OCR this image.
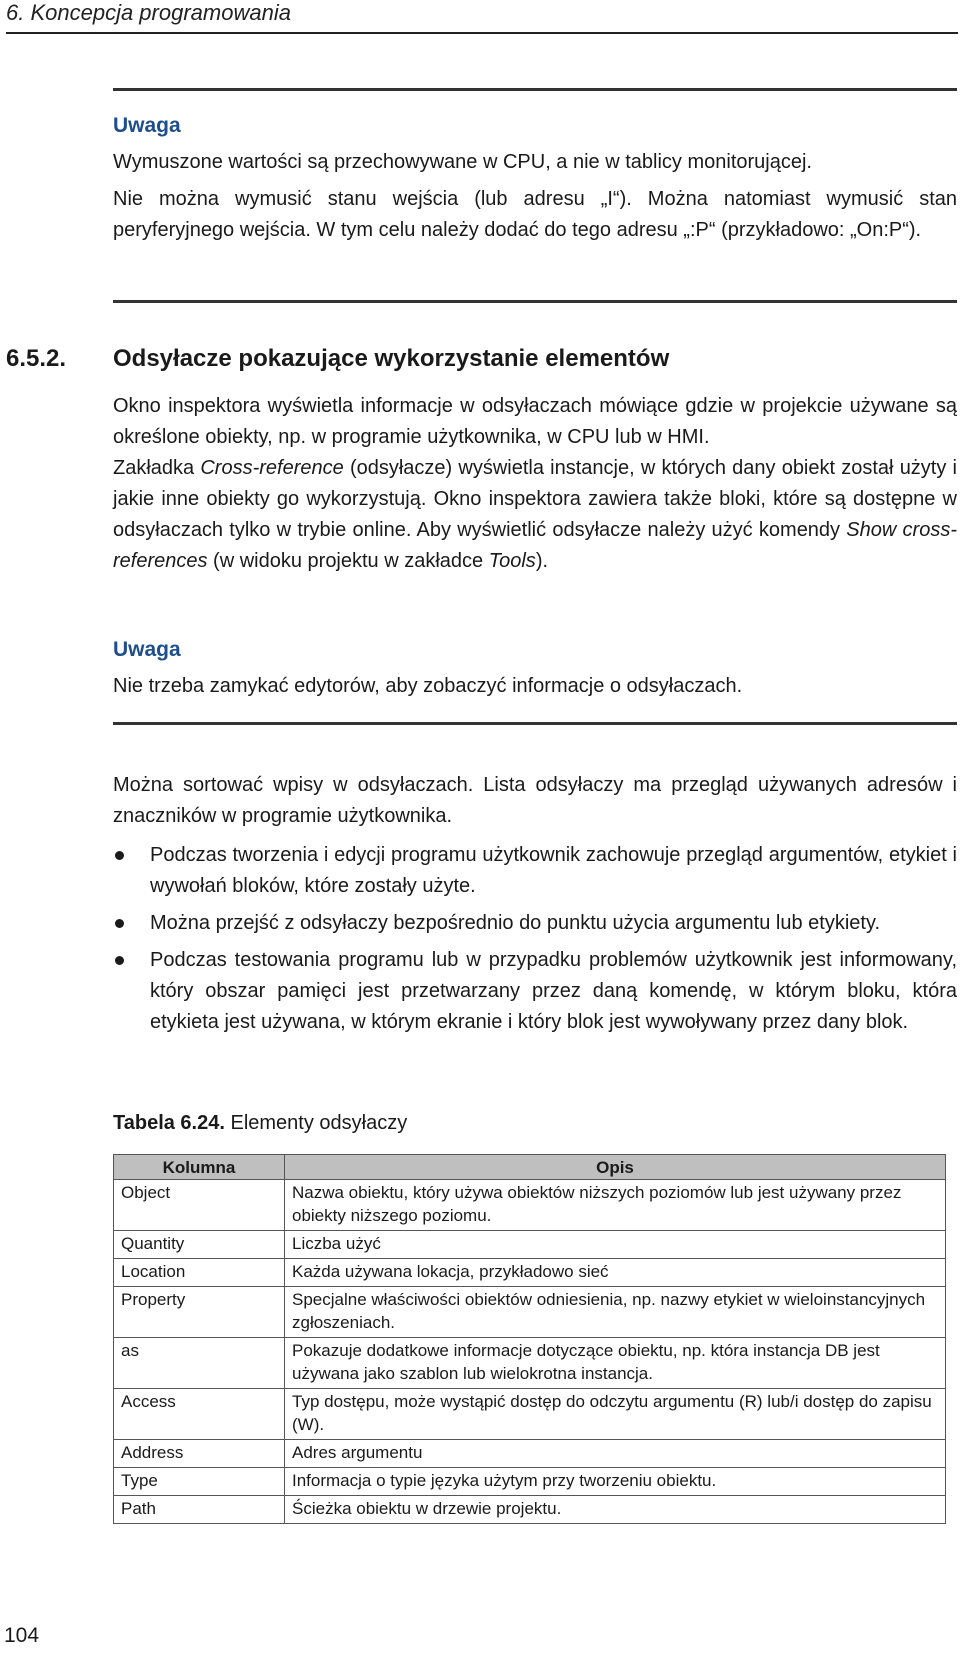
6. Koncepcja programowania
Uwaga
Wymuszone wartości są przechowywane w CPU, a nie w tablicy monitorującej.
Nie można wymusić stanu wejścia (lub adresu „I“). Można natomiast wymusić stan peryferyjnego wejścia. W tym celu należy dodać do tego adresu „:P“ (przykładowo: „On:P“).
6.5.2. Odsyłacze pokazujące wykorzystanie elementów
Okno inspektora wyświetla informacje w odsyłaczach mówiące gdzie w projekcie używane są określone obiekty, np. w programie użytkownika, w CPU lub w HMI.
Zakładka Cross-reference (odsyłacze) wyświetla instancje, w których dany obiekt został użyty i jakie inne obiekty go wykorzystują. Okno inspektora zawiera także bloki, które są dostępne w odsyłaczach tylko w trybie online. Aby wyświetlić odsyłacze należy użyć komendy Show cross-references (w widoku projektu w zakładce Tools).
Uwaga
Nie trzeba zamykać edytorów, aby zobaczyć informacje o odsyłaczach.
Można sortować wpisy w odsyłaczach. Lista odsyłaczy ma przegląd używanych adresów i znaczników w programie użytkownika.
Podczas tworzenia i edycji programu użytkownik zachowuje przegląd argumentów, etykiet i wywołań bloków, które zostały użyte.
Można przejść z odsyłaczy bezpośrednio do punktu użycia argumentu lub etykiety.
Podczas testowania programu lub w przypadku problemów użytkownik jest informowany, który obszar pamięci jest przetwarzany przez daną komendę, w którym bloku, która etykieta jest używana, w którym ekranie i który blok jest wywoływany przez dany blok.
Tabela 6.24. Elementy odsyłaczy
Kolumna	Opis
Object	Nazwa obiektu, który używa obiektów niższych poziomów lub jest używany przez obiekty niższego poziomu.
Quantity	Liczba użyć
Location	Każda używana lokacja, przykładowo sieć
Property	Specjalne właściwości obiektów odniesienia, np. nazwy etykiet w wieloinstancyjnych zgłoszeniach.
as	Pokazuje dodatkowe informacje dotyczące obiektu, np. która instancja DB jest używana jako szablon lub wielokrotna instancja.
Access	Typ dostępu, może wystąpić dostęp do odczytu argumentu (R) lub/i dostęp do zapisu (W).
Address	Adres argumentu
Type	Informacja o typie języka użytym przy tworzeniu obiektu.
Path	Ścieżka obiektu w drzewie projektu.
104
